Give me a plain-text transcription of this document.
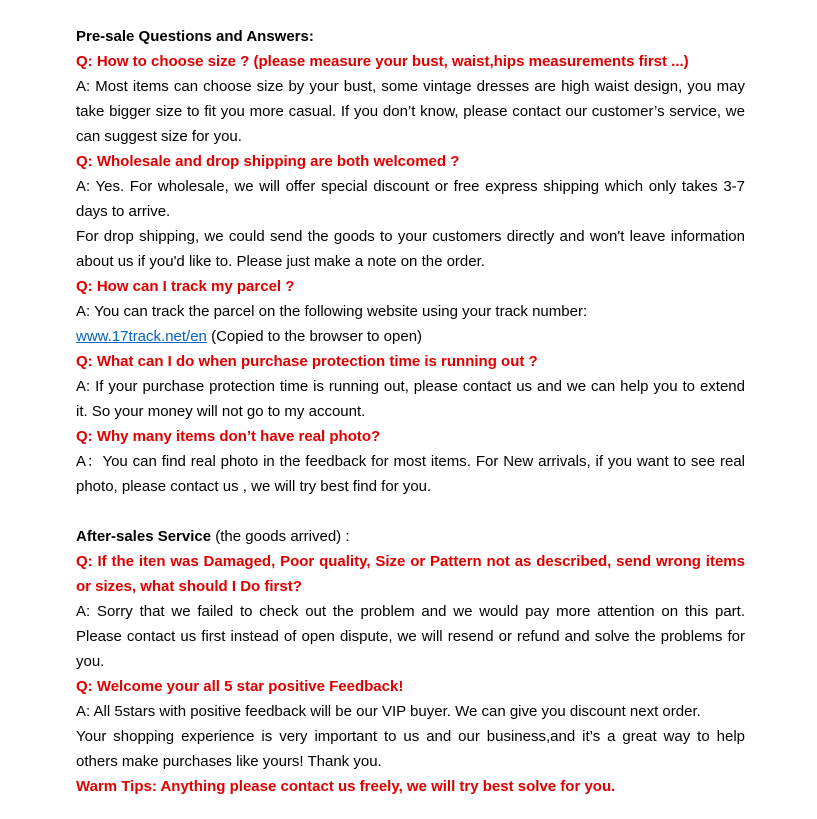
Pre-sale Questions and Answers:

Q: How to choose size ? (please measure your bust, waist,hips measurements first ...)

A: Most items can choose size by your bust, some vintage dresses are high waist design, you may take bigger size to fit you more casual. If you don’t know, please contact our customer’s service, we can suggest size for you.

Q: Wholesale and drop shipping are both welcomed ?

A: Yes. For wholesale, we will offer special discount or free express shipping which only takes 3-7 days to arrive.

For drop shipping, we could send the goods to your customers directly and won't leave information about us if you'd like to. Please just make a note on the order.

Q: How can I track my parcel ?

A: You can track the parcel on the following website using your track number:

www.17track.net/en (Copied to the browser to open)

Q: What can I do when purchase protection time is running out ?

A: If your purchase protection time is running out, please contact us and we can help you to extend it. So your money will not go to my account.

Q: Why many items don’t have real photo?

A：You can find real photo in the feedback for most items. For New arrivals, if you want to see real photo, please contact us , we will try best find for you.

After-sales Service (the goods arrived) :

Q: If the iten was Damaged, Poor quality, Size or Pattern not as described, send wrong items or sizes, what should I Do first?

A: Sorry that we failed to check out the problem and we would pay more attention on this part. Please contact us first instead of open dispute, we will resend or refund and solve the problems for you.

Q: Welcome your all 5 star positive Feedback!

A: All 5stars with positive feedback will be our VIP buyer. We can give you discount next order.

Your shopping experience is very important to us and our business,and it’s a great way to help others make purchases like yours! Thank you.

Warm Tips: Anything please contact us freely, we will try best solve for you.
